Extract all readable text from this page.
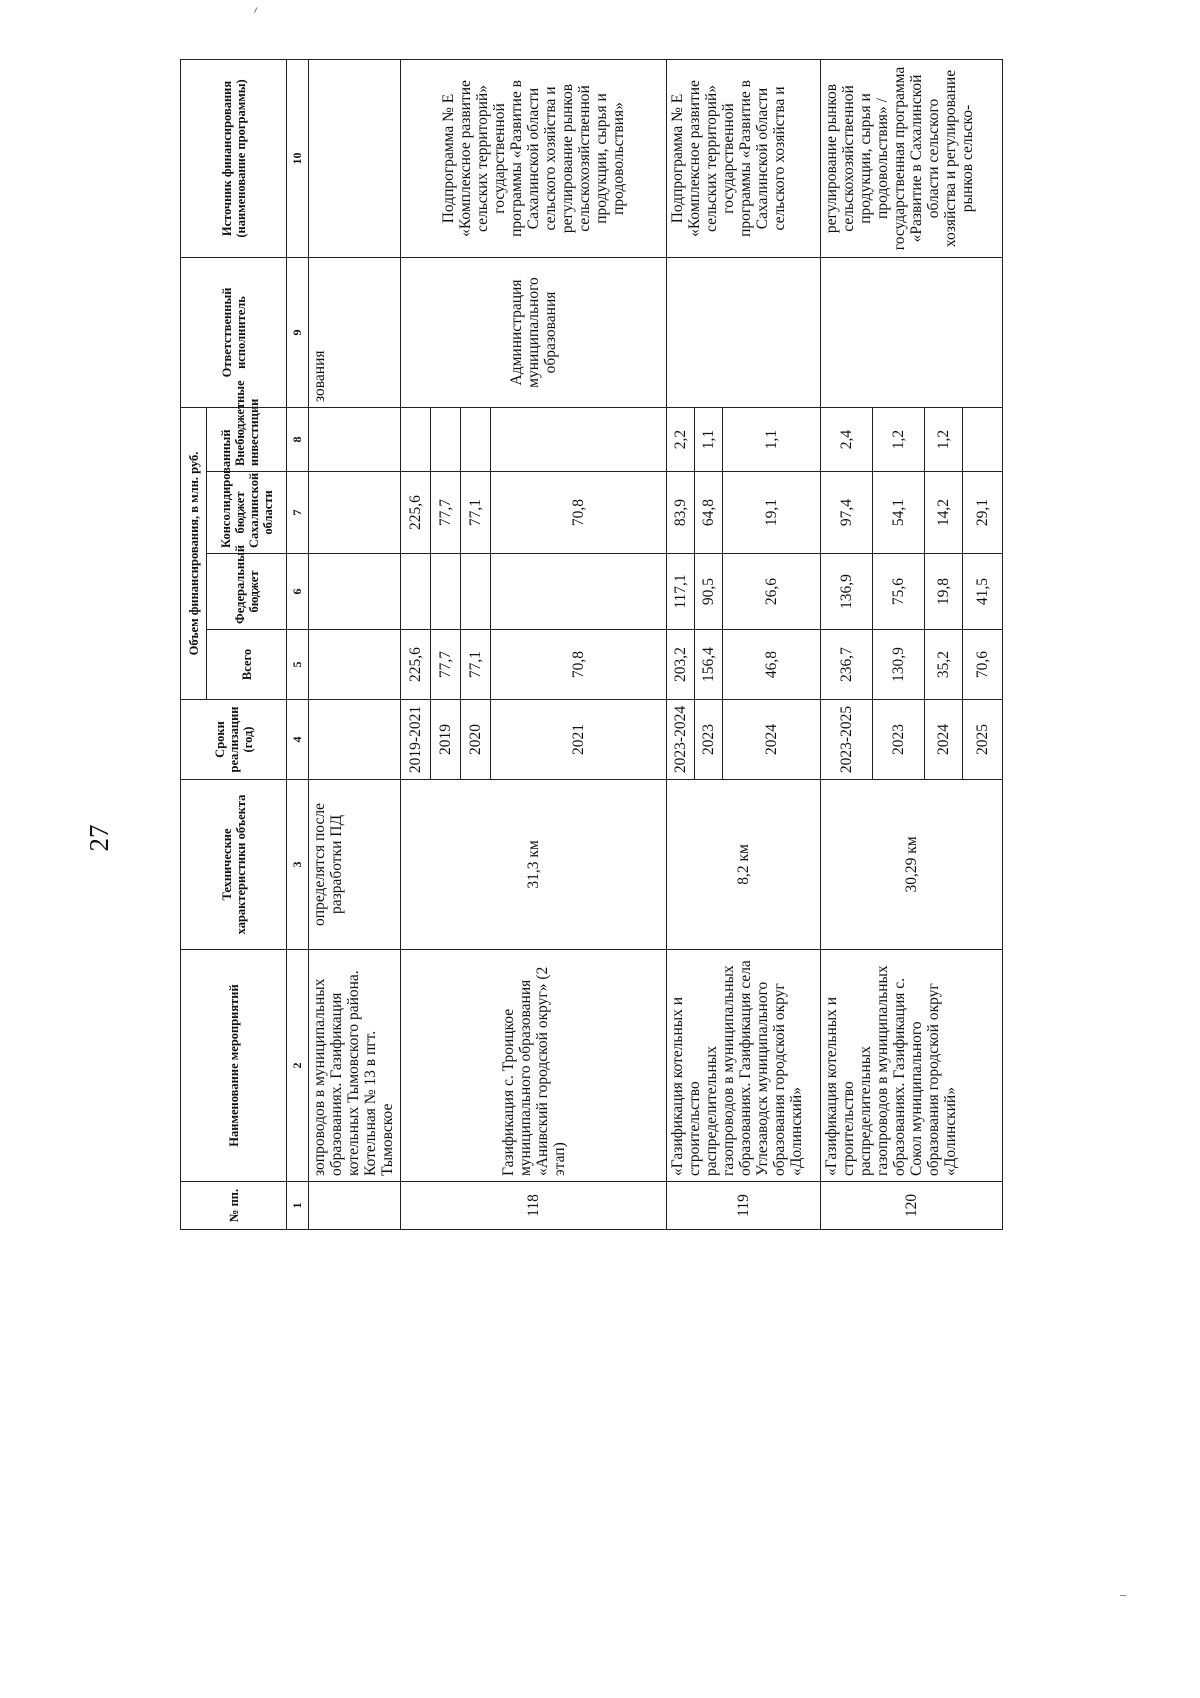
27
№ пп.	Наименование мероприятий	Технические характеристики объекта	Сроки реализации (год)	Объем финансирования, в млн. руб.				Ответственный исполнитель	Источник финансирования (наименование программы)
				Всего	Федеральный бюджет	Консолидированный бюджет Сахалинской области	Внебюджетные инвестиции		
1	2	3	4	5	6	7	8	9	10
	зопроводов в муниципальных образованиях. Газификация котельных Тымовского района. Котельная № 13 в пгт. Тымовское	определятся после разработки ПД						зования	
118	Газификация с. Троицкое муниципального образования «Анивский городской округ» (2 этап)	31,3 км	2019-2021	225,6		225,6		Администрация муниципального образования	Подпрограмма № Е «Комплексное развитие сельских территорий» государственной программы «Развитие в Сахалинской области сельского хозяйства и регулирование рынков сельскохозяйственной продукции, сырья и продовольствия»
			2019	77,7		77,7			
			2020	77,1		77,1			
			2021	70,8		70,8			
119	«Газификация котельных и строительство распределительных газопроводов в муниципальных образованиях. Газификация села Углезаводск муниципального образования городской округ «Долинский»	8,2 км	2023-2024	203,2	117,1	83,9	2,2		Подпрограмма № Е «Комплексное развитие сельских территорий» государственной программы «Развитие в Сахалинской области сельского хозяйства и
			2023	156,4	90,5	64,8	1,1		
			2024	46,8	26,6	19,1	1,1		
120	«Газификация котельных и строительство распределительных газопроводов в муниципальных образованиях. Газификация с. Сокол муниципального образования городской округ «Долинский»	30,29 км	2023-2025	236,7	136,9	97,4	2,4		регулирование рынков сельскохозяйственной продукции, сырья и продовольствия» / государственная программа «Развитие в Сахалинской области сельского хозяйства и регулирование рынков сельско-
			2023	130,9	75,6	54,1	1,2		
			2024	35,2	19,8	14,2	1,2		
			2025	70,6	41,5	29,1			
